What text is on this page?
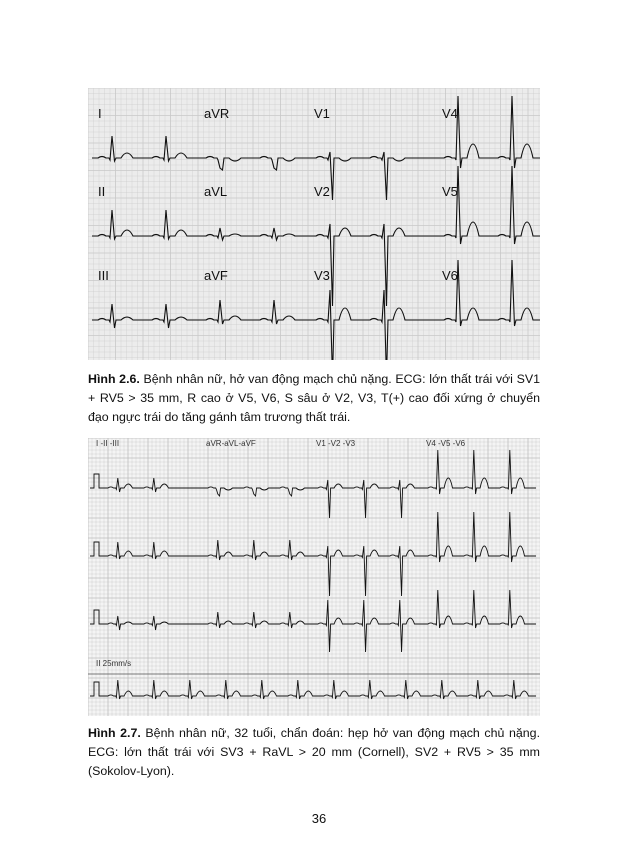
I	aVR	V1	V4
II	aVL	V2	V5
III	aVF	V3	V6

Hình 2.6. Bệnh nhân nữ, hở van động mạch chủ nặng. ECG: lớn thất trái với SV1 + RV5 > 35 mm, R cao ở V5, V6, S sâu ở V2, V3, T(+) cao đối xứng ở chuyển đạo ngực trái do tăng gánh tâm trương thất trái.

I -II -III	aVR-aVL-aVF	V1 -V2 -V3	V4 -V5 -V6
II 25mm/s

Hình 2.7. Bệnh nhân nữ, 32 tuổi, chẩn đoán: hẹp hở van động mạch chủ nặng. ECG: lớn thất trái với SV3 + RaVL > 20 mm (Cornell), SV2 + RV5 > 35 mm (Sokolov-Lyon).

36
